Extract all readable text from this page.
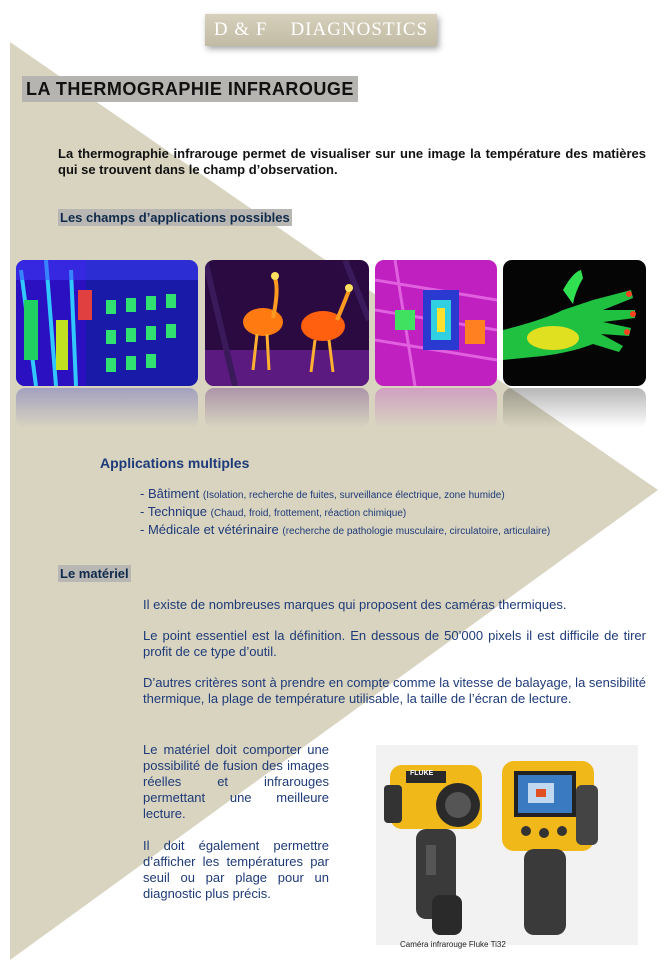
D & F
DIAGNOSTICS
LA THERMOGRAPHIE INFRAROUGE
La thermographie infrarouge permet de visualiser sur une image la température des matières qui se trouvent dans le champ d’observation.
Les champs d’applications possibles
Applications multiples
- Bâtiment (Isolation, recherche de fuites, surveillance électrique, zone humide)
- Technique (Chaud, froid, frottement, réaction chimique)
- Médicale et vétérinaire (recherche de pathologie musculaire, circulatoire, articulaire)
Le matériel

Il existe de nombreuses marques qui proposent des caméras thermiques.

Le point essentiel est la définition. En dessous de 50’000 pixels il est difficile de tirer profit de ce type d’outil.

D’autres critères sont à prendre en compte comme la vitesse de balayage, la sensibilité thermique, la plage de température utilisable, la taille de l’écran de lecture.

Le matériel doit comporter une possibilité de fusion des images réelles et infrarouges permettant une meilleure lecture.

Il doit également permettre d’afficher les températures par seuil ou par plage pour un diagnostic plus précis.

FLUKE
Caméra infrarouge Fluke Ti32
